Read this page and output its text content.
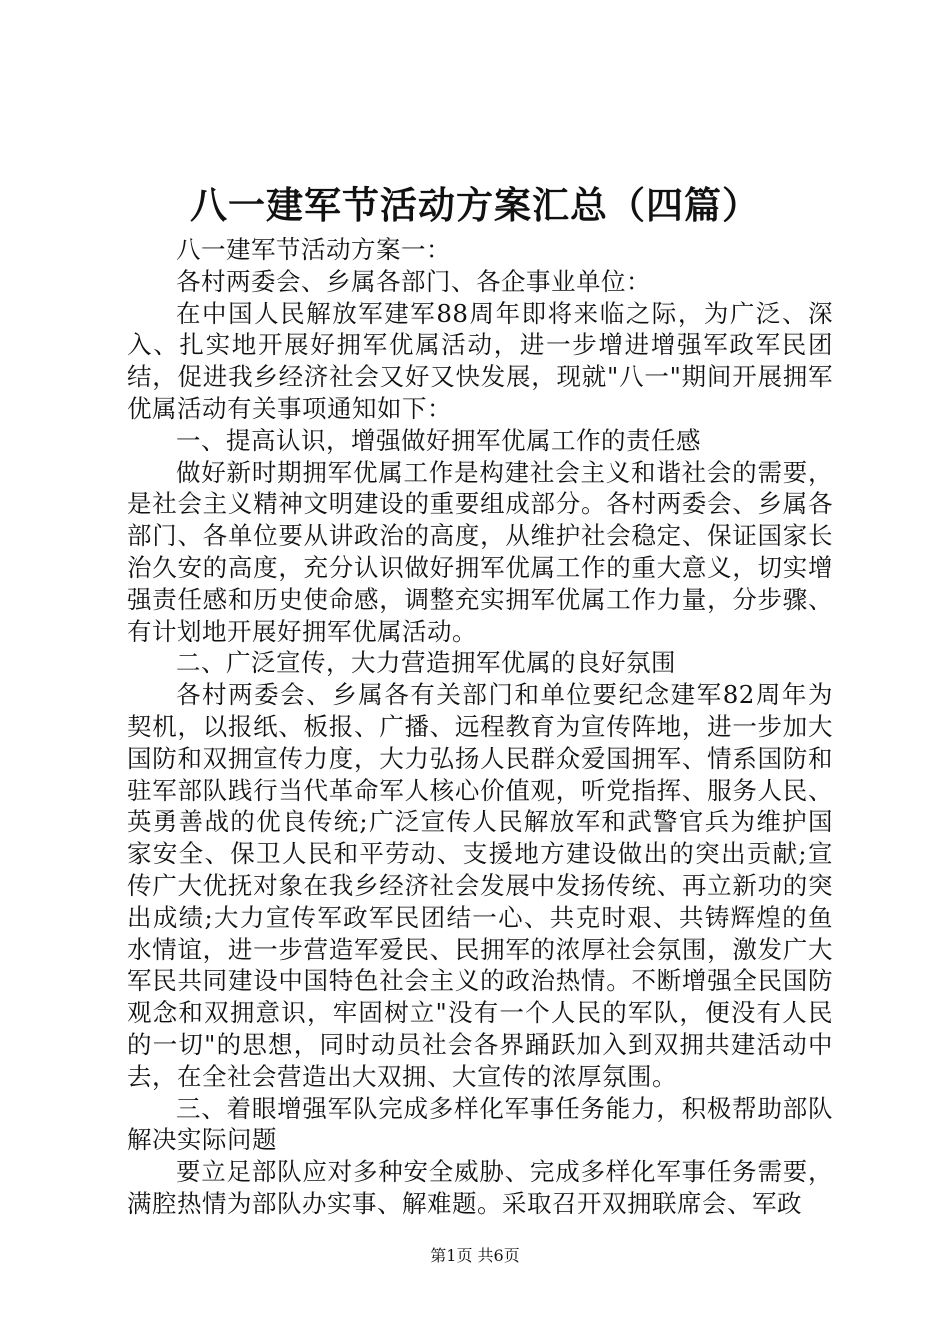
八一建军节活动方案汇总（四篇）

八一建军节活动方案一：

各村两委会、乡属各部门、各企事业单位：

在中国人民解放军建军88周年即将来临之际，为广泛、深入、扎实地开展好拥军优属活动，进一步增进增强军政军民团结，促进我乡经济社会又好又快发展，现就"八一"期间开展拥军优属活动有关事项通知如下：

一、提高认识，增强做好拥军优属工作的责任感

做好新时期拥军优属工作是构建社会主义和谐社会的需要，是社会主义精神文明建设的重要组成部分。各村两委会、乡属各部门、各单位要从讲政治的高度，从维护社会稳定、保证国家长治久安的高度，充分认识做好拥军优属工作的重大意义，切实增强责任感和历史使命感，调整充实拥军优属工作力量，分步骤、有计划地开展好拥军优属活动。

二、广泛宣传，大力营造拥军优属的良好氛围

各村两委会、乡属各有关部门和单位要纪念建军82周年为契机，以报纸、板报、广播、远程教育为宣传阵地，进一步加大国防和双拥宣传力度，大力弘扬人民群众爱国拥军、情系国防和驻军部队践行当代革命军人核心价值观，听党指挥、服务人民、英勇善战的优良传统;广泛宣传人民解放军和武警官兵为维护国家安全、保卫人民和平劳动、支援地方建设做出的突出贡献;宣传广大优抚对象在我乡经济社会发展中发扬传统、再立新功的突出成绩;大力宣传军政军民团结一心、共克时艰、共铸辉煌的鱼水情谊，进一步营造军爱民、民拥军的浓厚社会氛围，激发广大军民共同建设中国特色社会主义的政治热情。不断增强全民国防观念和双拥意识，牢固树立"没有一个人民的军队，便没有人民的一切"的思想，同时动员社会各界踊跃加入到双拥共建活动中去，在全社会营造出大双拥、大宣传的浓厚氛围。

三、着眼增强军队完成多样化军事任务能力，积极帮助部队解决实际问题

要立足部队应对多种安全威胁、完成多样化军事任务需要，满腔热情为部队办实事、解难题。采取召开双拥联席会、军政

第1页 共6页
